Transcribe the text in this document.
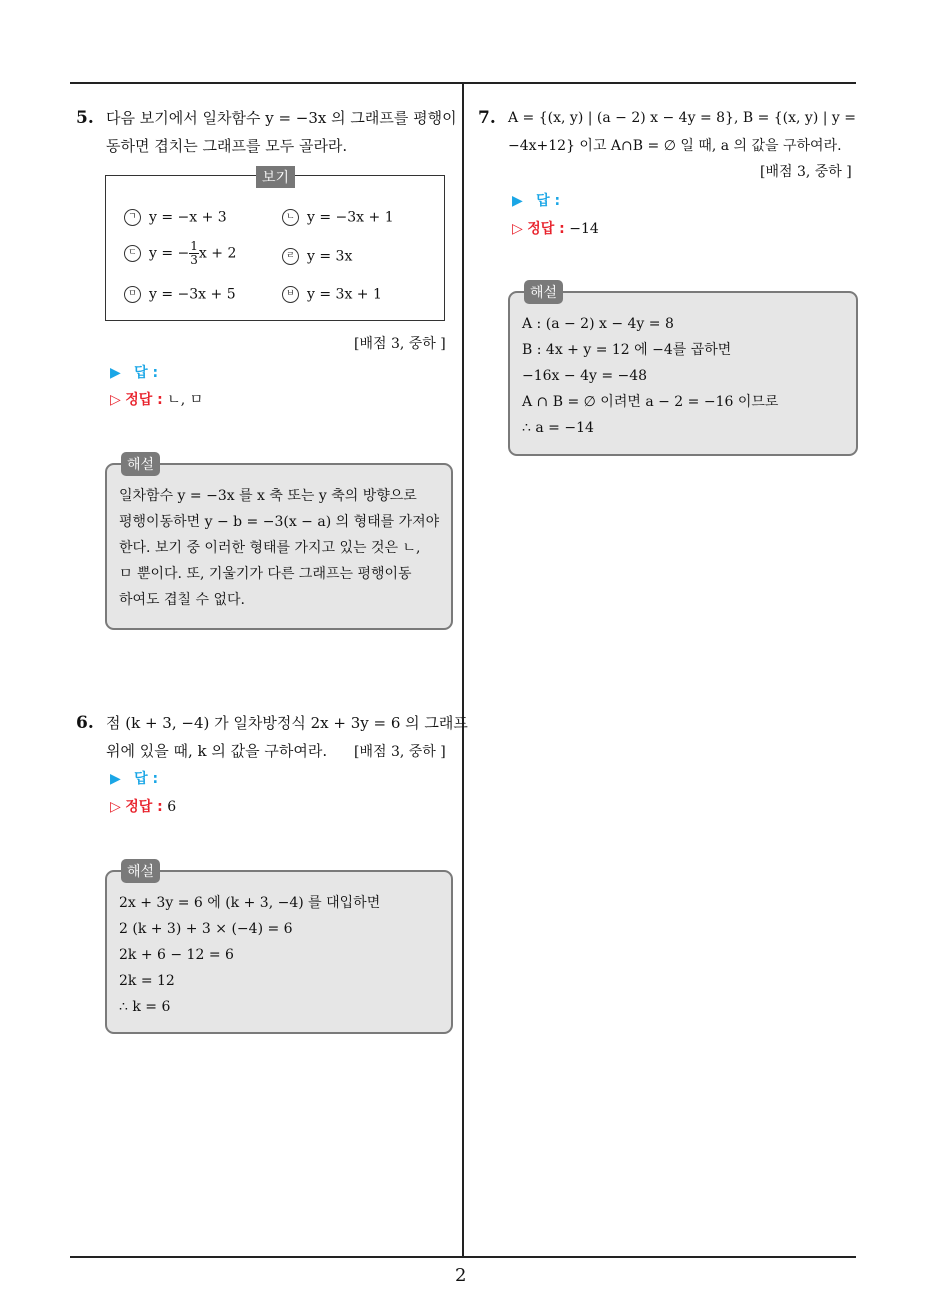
2
5. 다음 보기에서 일차함수 y = −3x 의 그래프를 평행이
동하면 겹치는 그래프를 모두 골라라.
보기
ㄱ y = −x + 3	ㄴ y = −3x + 1
ㄷ y = − $\frac{1}{3}$ x + 2	ㄹ y = 3x
ㅁ y = −3x + 5	ㅂ y = 3x + 1
[배점 3, 중하 ]
▶ 답 :
▷ 정답 : ㄴ, ㅁ
해설
일차함수 y = −3x 를 x 축 또는 y 축의 방향으로
평행이동하면 y − b = −3(x − a) 의 형태를 가져야
한다. 보기 중 이러한 형태를 가지고 있는 것은 ㄴ,
ㅁ 뿐이다. 또, 기울기가 다른 그래프는 평행이동
하여도 겹칠 수 없다.
6. 점 (k + 3, −4) 가 일차방정식 2x + 3y = 6 의 그래프
위에 있을 때, k 의 값을 구하여라.	[배점 3, 중하 ]
▶ 답 :
▷ 정답 : 6
해설
2x + 3y = 6 에 (k + 3, −4) 를 대입하면
2 (k + 3) + 3 × (−4) = 6
2k + 6 − 12 = 6
2k = 12
∴ k = 6
7. A = {(x, y) | (a − 2) x − 4y = 8}, B = {(x, y) | y =
−4x+12} 이고 A∩B = ∅ 일 때, a 의 값을 구하여라.
[배점 3, 중하 ]
▶ 답 :
▷ 정답 : −14
해설
A : (a − 2) x − 4y = 8
B : 4x + y = 12 에 −4를 곱하면
−16x − 4y = −48
A ∩ B = ∅ 이려면 a − 2 = −16 이므로
∴ a = −14
